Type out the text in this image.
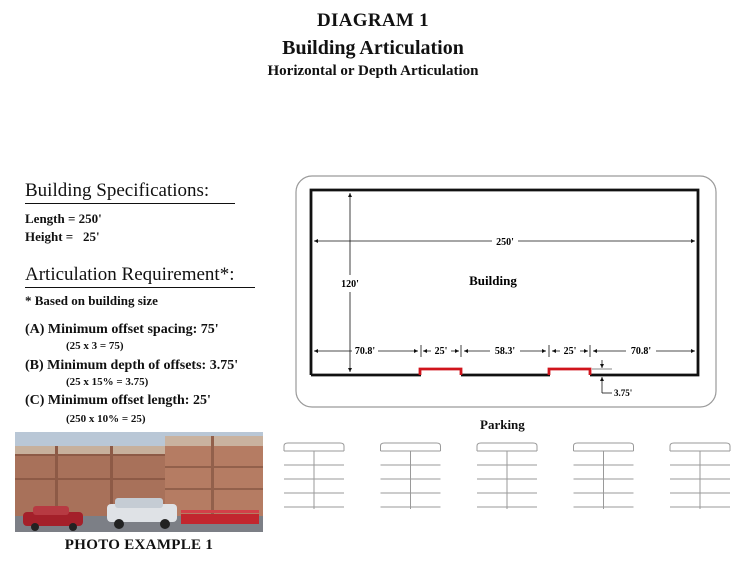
DIAGRAM 1
Building Articulation
Horizontal or Depth Articulation
Building Specifications:
Length = 250'
Height =   25'
Articulation Requirement*:
* Based on building size
(A) Minimum offset spacing: 75'
(25 x 3 = 75)
(B) Minimum depth of offsets: 3.75'
(25 x 15% = 3.75)
(C) Minimum offset length: 25'
(250 x 10% = 25)
PHOTO EXAMPLE 1
250'
120'	Building
70.8'	25'	58.3'	25'	70.8'
3.75'
Parking
